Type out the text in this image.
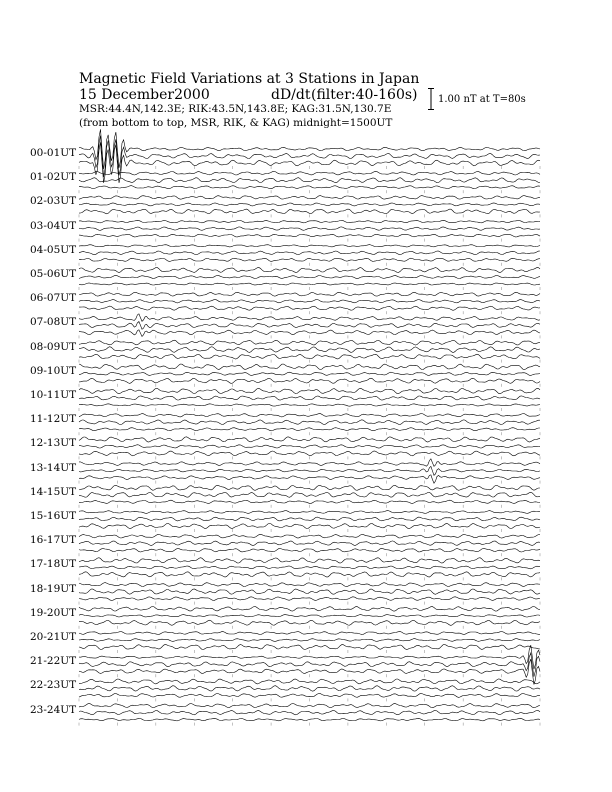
Magnetic Field Variations at 3 Stations in Japan
15 December2000	dD/dt (filter:40-160s)
MSR:44.4N,142.3E; RIK:43.5N,143.8E; KAG:31.5N,130.7E
(from bottom to top, MSR, RIK, & KAG) midnight=1500UT
1.00 nT at T=80s
00-01UT
01-02UT
02-03UT
03-04UT
04-05UT
05-06UT
06-07UT
07-08UT
08-09UT
09-10UT
10-11UT
11-12UT
12-13UT
13-14UT
14-15UT
15-16UT
16-17UT
17-18UT
18-19UT
19-20UT
20-21UT
21-22UT
22-23UT
23-24UT
